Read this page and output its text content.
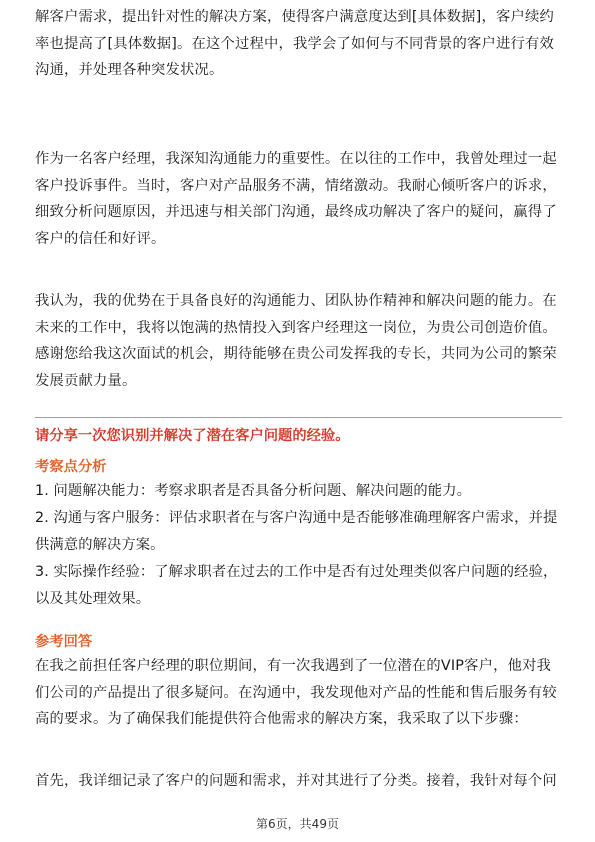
解客户需求，提出针对性的解决方案，使得客户满意度达到[具体数据]，客户续约率也提高了[具体数据]。在这个过程中，我学会了如何与不同背景的客户进行有效沟通，并处理各种突发状况。

作为一名客户经理，我深知沟通能力的重要性。在以往的工作中，我曾处理过一起客户投诉事件。当时，客户对产品服务不满，情绪激动。我耐心倾听客户的诉求，细致分析问题原因，并迅速与相关部门沟通，最终成功解决了客户的疑问，赢得了客户的信任和好评。

我认为，我的优势在于具备良好的沟通能力、团队协作精神和解决问题的能力。在未来的工作中，我将以饱满的热情投入到客户经理这一岗位，为贵公司创造价值。感谢您给我这次面试的机会，期待能够在贵公司发挥我的专长，共同为公司的繁荣发展贡献力量。

请分享一次您识别并解决了潜在客户问题的经验。
考察点分析
1. 问题解决能力：考察求职者是否具备分析问题、解决问题的能力。
2. 沟通与客户服务：评估求职者在与客户沟通中是否能够准确理解客户需求，并提供满意的解决方案。
3. 实际操作经验：了解求职者在过去的工作中是否有过处理类似客户问题的经验，以及其处理效果。
参考回答

在我之前担任客户经理的职位期间，有一次我遇到了一位潜在的VIP客户，他对我们公司的产品提出了很多疑问。在沟通中，我发现他对产品的性能和售后服务有较高的要求。为了确保我们能提供符合他需求的解决方案，我采取了以下步骤：

首先，我详细记录了客户的问题和需求，并对其进行了分类。接着，我针对每个问

第6页，共49页
